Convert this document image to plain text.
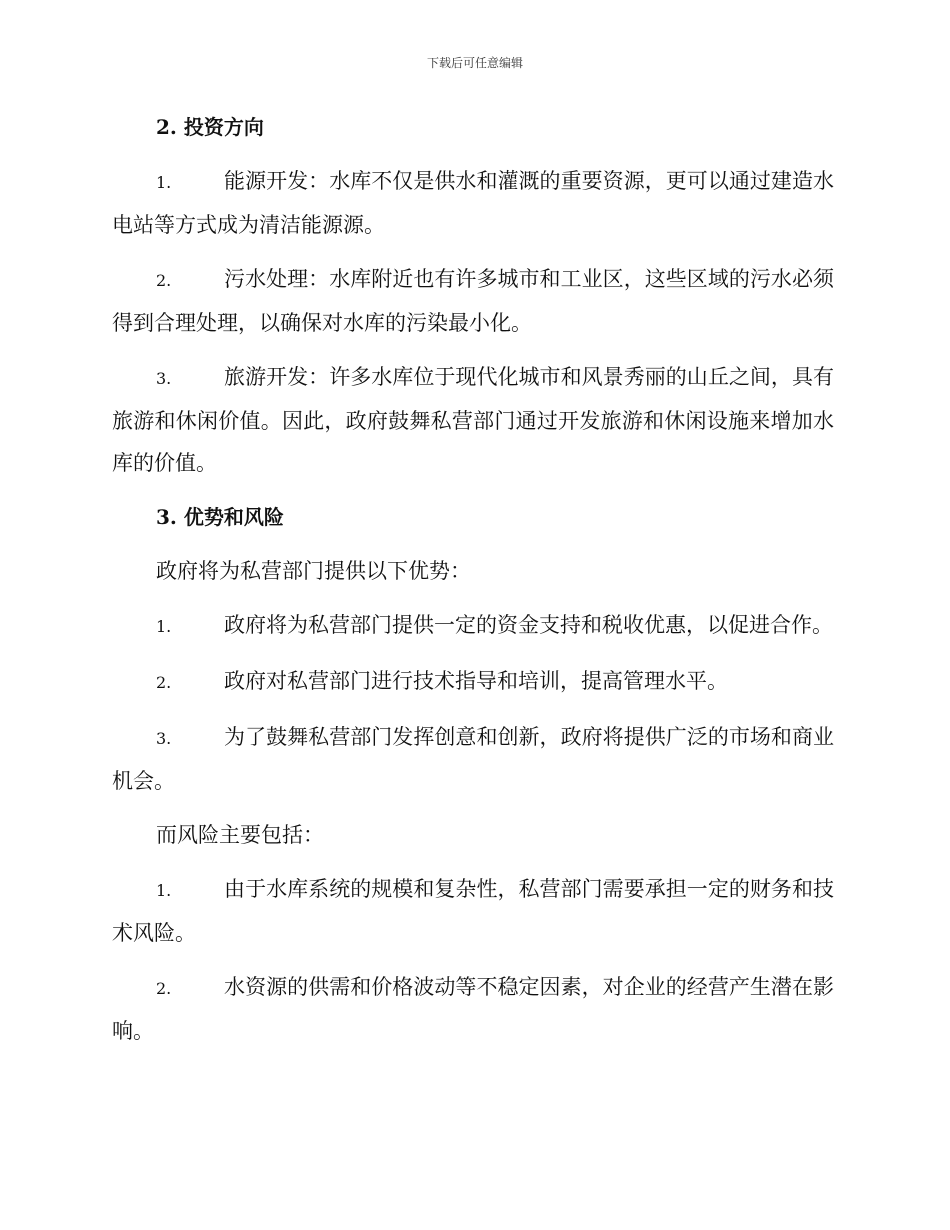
下载后可任意编辑
2. 投资方向

1.	能源开发：水库不仅是供水和灌溉的重要资源，更可以通过建造水电站等方式成为清洁能源源。

2.	污水处理：水库附近也有许多城市和工业区，这些区域的污水必须得到合理处理，以确保对水库的污染最小化。

3.	旅游开发：许多水库位于现代化城市和风景秀丽的山丘之间，具有旅游和休闲价值。因此，政府鼓舞私营部门通过开发旅游和休闲设施来增加水库的价值。

3. 优势和风险

政府将为私营部门提供以下优势：

1.	政府将为私营部门提供一定的资金支持和税收优惠，以促进合作。

2.	政府对私营部门进行技术指导和培训，提高管理水平。

3.	为了鼓舞私营部门发挥创意和创新，政府将提供广泛的市场和商业机会。

而风险主要包括：

1.	由于水库系统的规模和复杂性，私营部门需要承担一定的财务和技术风险。

2.	水资源的供需和价格波动等不稳定因素，对企业的经营产生潜在影响。
